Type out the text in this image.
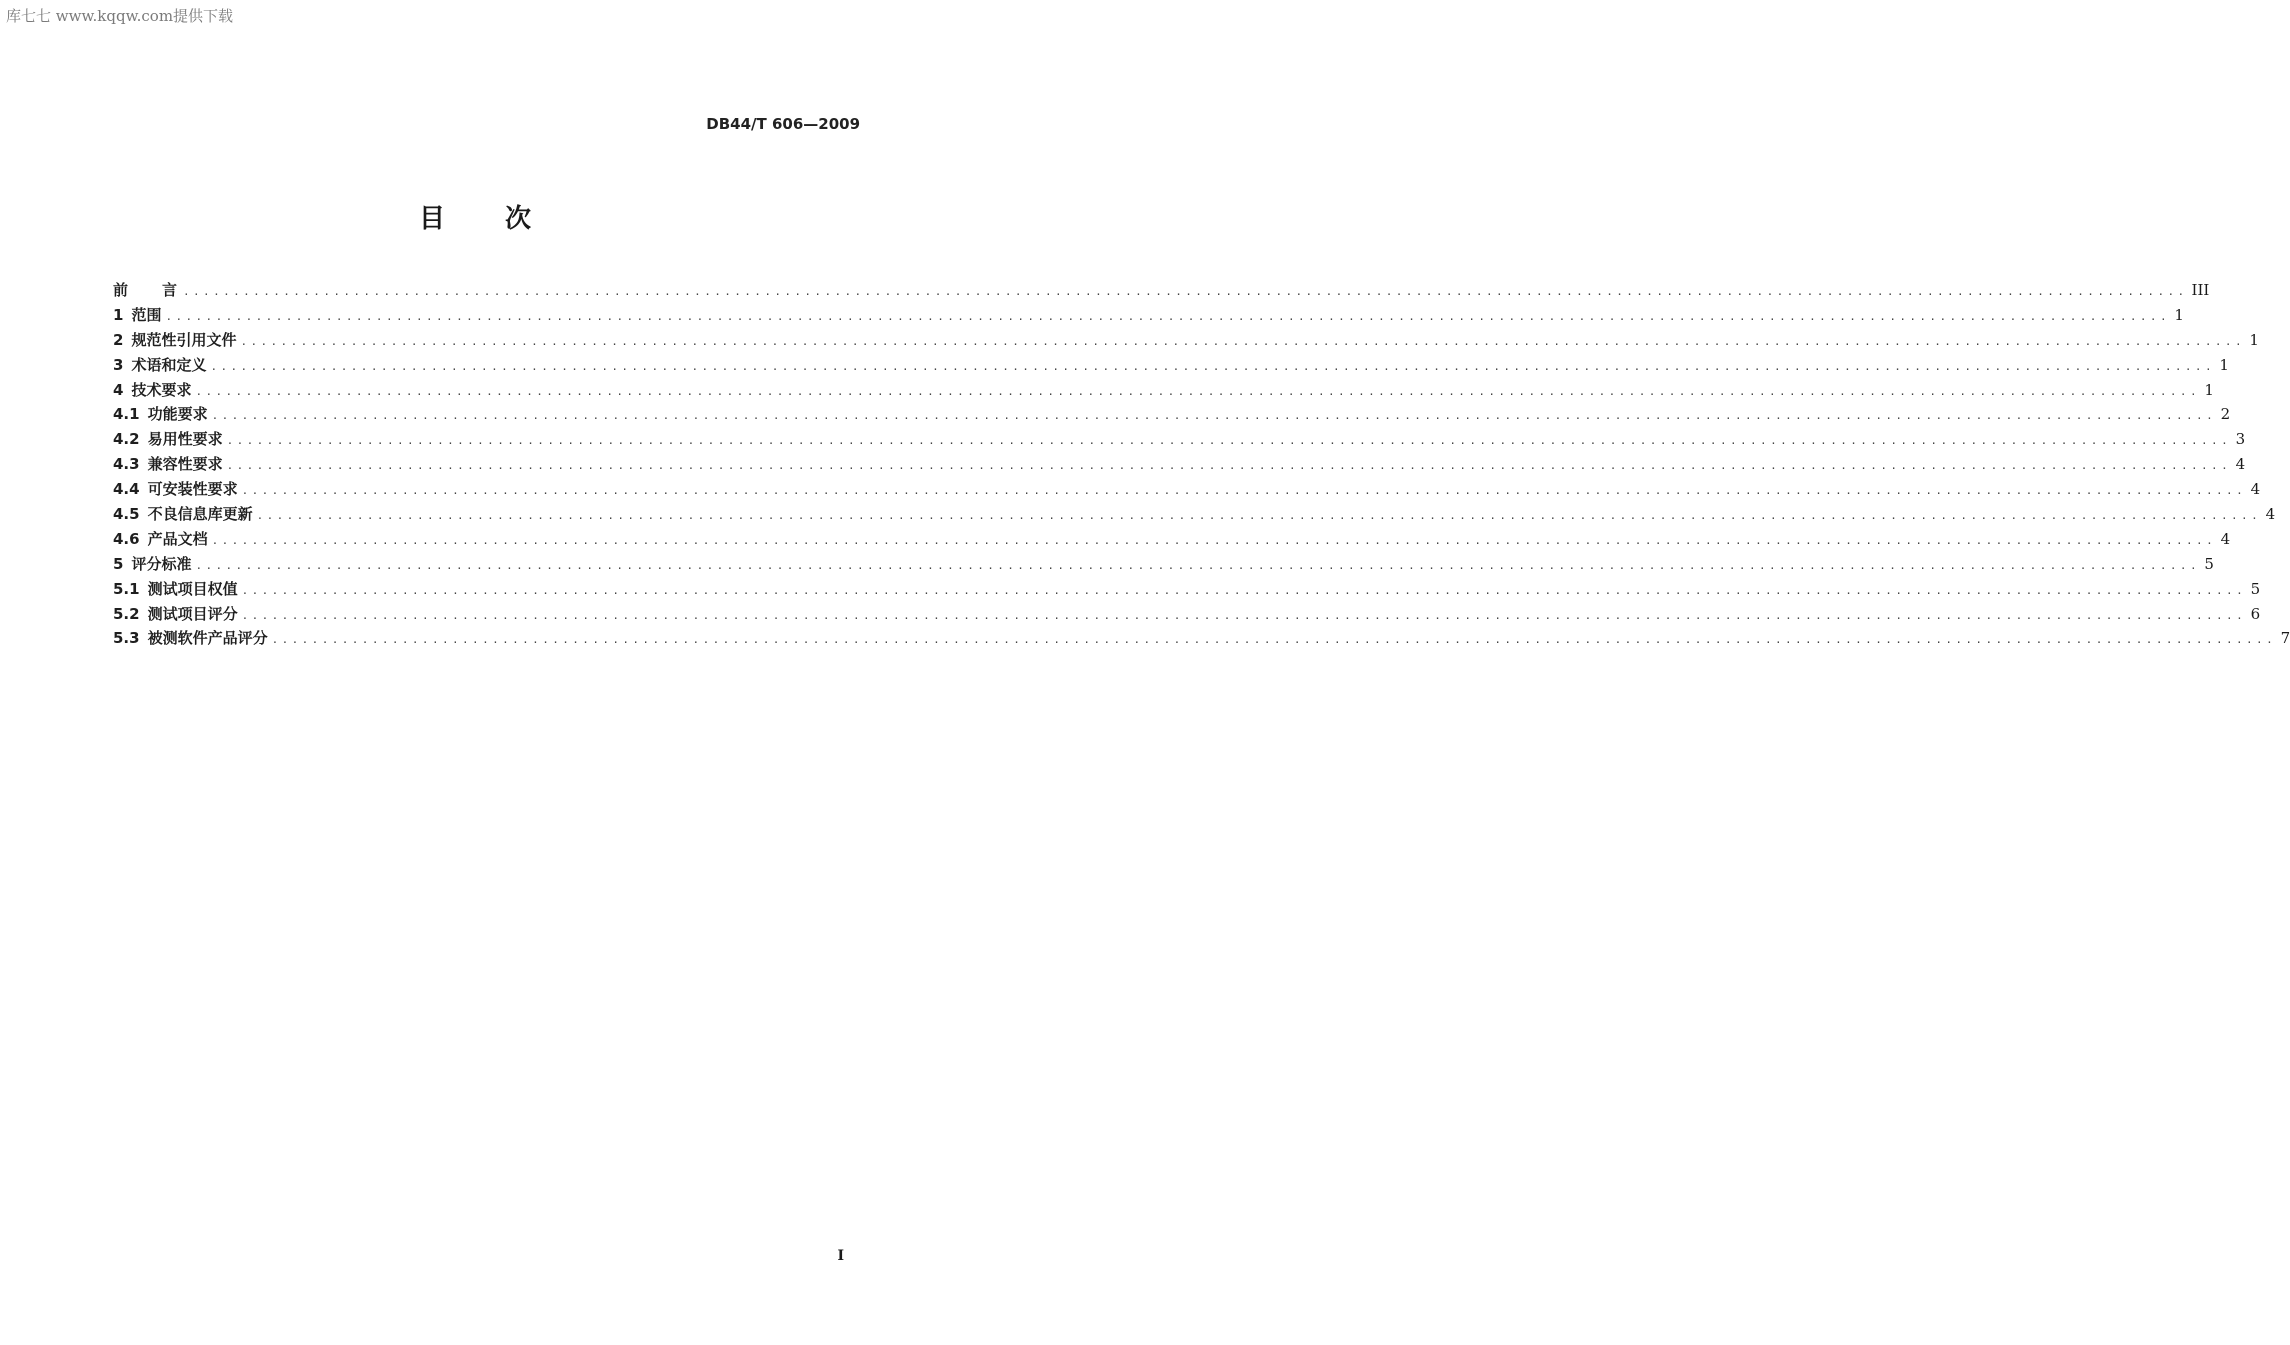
库七七 www.kqqw.com提供下载
DB44/T 606—2009
目次
前言
........................................................................................................................................................................................................ III
1 范围 ........................................................................................................................................................................................................ 1
2 规范性引用文件 ........................................................................................................................................................................................................ 1
3 术语和定义 ........................................................................................................................................................................................................ 1
4 技术要求 ........................................................................................................................................................................................................ 1
4.1 功能要求 ........................................................................................................................................................................................................ 2
4.2 易用性要求 ........................................................................................................................................................................................................ 3
4.3 兼容性要求 ........................................................................................................................................................................................................ 4
4.4 可安装性要求 ........................................................................................................................................................................................................ 4
4.5 不良信息库更新 ........................................................................................................................................................................................................ 4
4.6 产品文档 ........................................................................................................................................................................................................ 4
5 评分标准 ........................................................................................................................................................................................................ 5
5.1 测试项目权值 ........................................................................................................................................................................................................ 5
5.2 测试项目评分 ........................................................................................................................................................................................................ 6
5.3 被测软件产品评分 ........................................................................................................................................................................................................ 7
I
